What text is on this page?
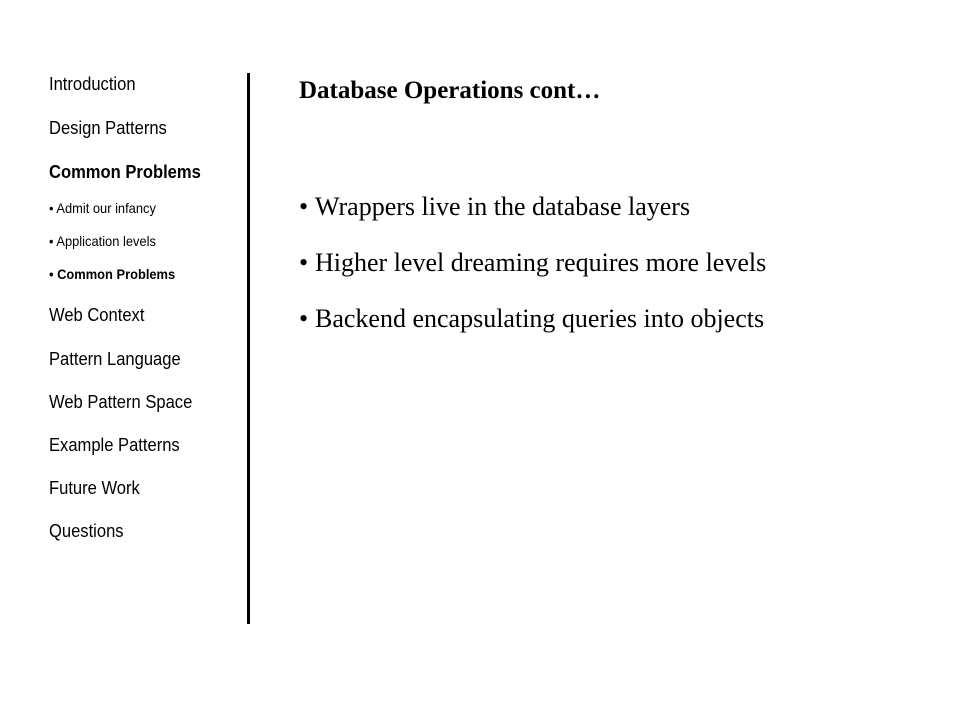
Introduction
Design Patterns
Common Problems
• Admit our infancy
• Application levels
• Common Problems
Web Context
Pattern Language
Web Pattern Space
Example Patterns
Future Work
Questions
Database Operations cont…
• Wrappers live in the database layers
• Higher level dreaming requires more levels
• Backend encapsulating queries into objects
